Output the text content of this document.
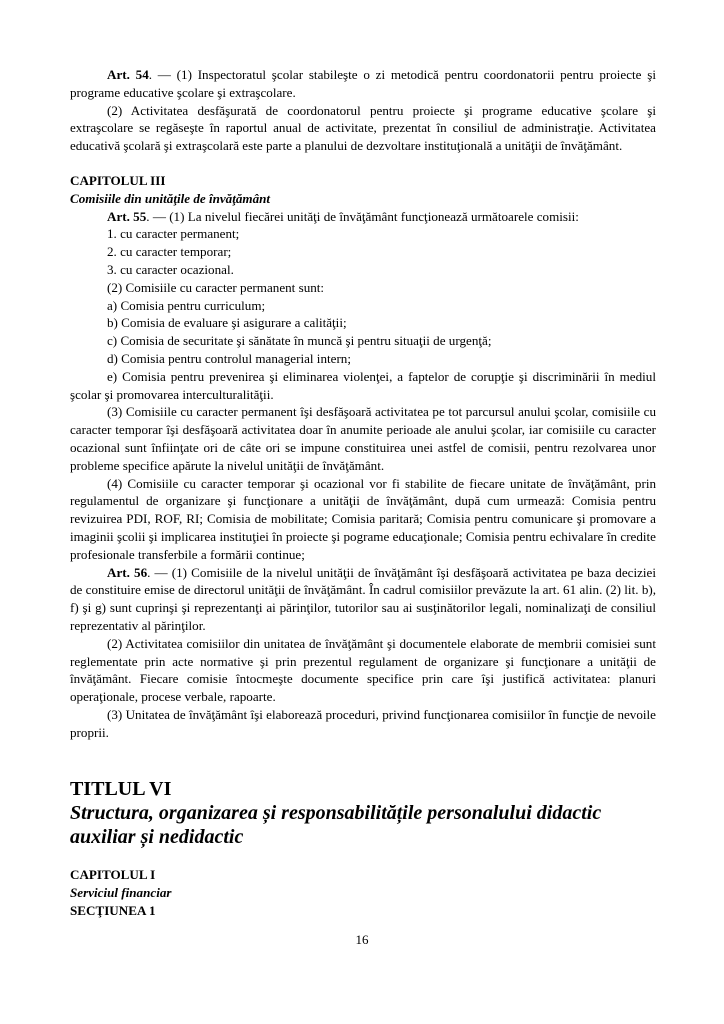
Art. 54. — (1) Inspectoratul şcolar stabileşte o zi metodică pentru coordonatorii pentru proiecte şi programe educative şcolare şi extraşcolare.

(2) Activitatea desfăşurată de coordonatorul pentru proiecte şi programe educative şcolare şi extraşcolare se regăseşte în raportul anual de activitate, prezentat în consiliul de administraţie. Activitatea educativă şcolară şi extraşcolară este parte a planului de dezvoltare instituţională a unităţii de învăţământ.

CAPITOLUL III

Comisiile din unităţile de învăţământ

Art. 55. — (1) La nivelul fiecărei unităţi de învăţământ funcţionează următoarele comisii:

1. cu caracter permanent;

2. cu caracter temporar;

3. cu caracter ocazional.

(2) Comisiile cu caracter permanent sunt:

a) Comisia pentru curriculum;

b) Comisia de evaluare şi asigurare a calităţii;

c) Comisia de securitate şi sănătate în muncă şi pentru situaţii de urgenţă;

d) Comisia pentru controlul managerial intern;

e) Comisia pentru prevenirea şi eliminarea violenţei, a faptelor de corupţie şi discriminării în mediul şcolar şi promovarea interculturalităţii.

(3) Comisiile cu caracter permanent îşi desfăşoară activitatea pe tot parcursul anului şcolar, comisiile cu caracter temporar îşi desfăşoară activitatea doar în anumite perioade ale anului şcolar, iar comisiile cu caracter ocazional sunt înfiinţate ori de câte ori se impune constituirea unei astfel de comisii, pentru rezolvarea unor probleme specifice apărute la nivelul unităţii de învăţământ.

(4) Comisiile cu caracter temporar şi ocazional vor fi stabilite de fiecare unitate de învăţământ, prin regulamentul de organizare şi funcţionare a unităţii de învăţământ, după cum urmează: Comisia pentru revizuirea PDI, ROF, RI; Comisia de mobilitate; Comisia paritară; Comisia pentru comunicare şi promovare a imaginii şcolii şi implicarea instituţiei în proiecte şi pograme educaţionale; Comisia pentru echivalare în credite profesionale transferbile a formării continue;

Art. 56. — (1) Comisiile de la nivelul unităţii de învăţământ îşi desfăşoară activitatea pe baza deciziei de constituire emise de directorul unităţii de învăţământ. În cadrul comisiilor prevăzute la art. 61 alin. (2) lit. b), f) şi g) sunt cuprinşi şi reprezentanţi ai părinţilor, tutorilor sau ai susţinătorilor legali, nominalizaţi de consiliul reprezentativ al părinţilor.

(2) Activitatea comisiilor din unitatea de învăţământ şi documentele elaborate de membrii comisiei sunt reglementate prin acte normative şi prin prezentul regulament de organizare şi funcţionare a unităţii de învăţământ. Fiecare comisie întocmeşte documente specifice prin care îşi justifică activitatea: planuri operaţionale, procese verbale, rapoarte.

(3) Unitatea de învăţământ îşi elaborează proceduri, privind funcţionarea comisiilor în funcţie de nevoile proprii.

TITLUL VI

Structura, organizarea și responsabilitățile personalului didactic auxiliar și nedidactic

CAPITOLUL I

Serviciul financiar

SECŢIUNEA 1

16
